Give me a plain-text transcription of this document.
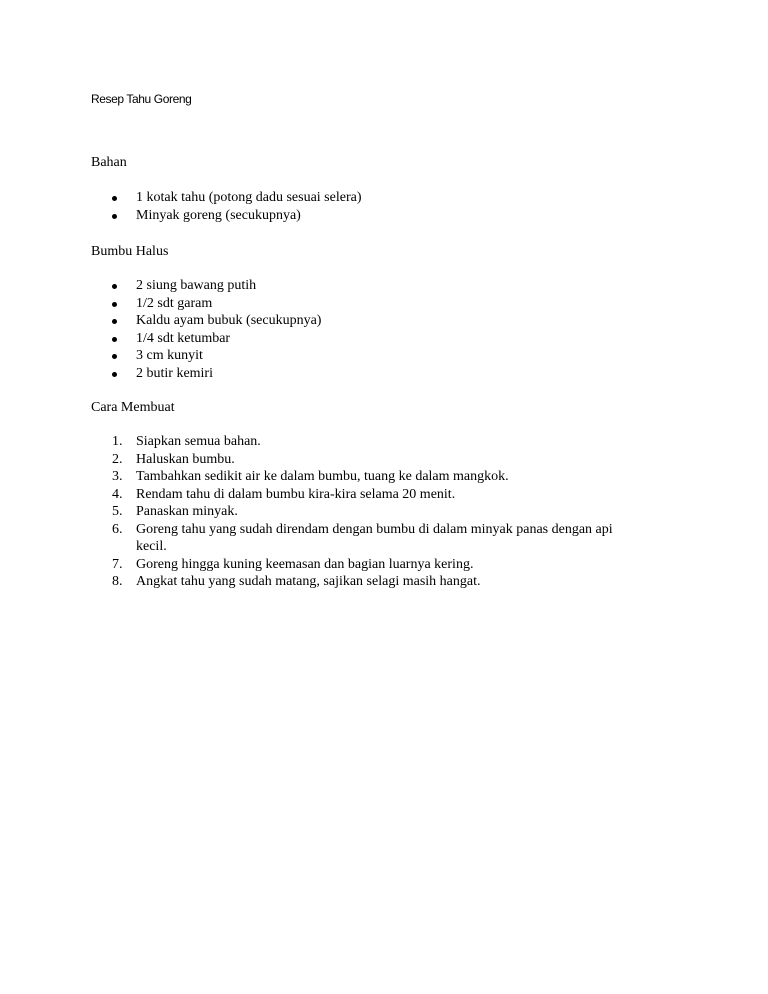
Resep Tahu Goreng
Bahan
1 kotak tahu (potong dadu sesuai selera)
Minyak goreng (secukupnya)
Bumbu Halus
2 siung bawang putih
1/2 sdt garam
Kaldu ayam bubuk (secukupnya)
1/4 sdt ketumbar
3 cm kunyit
2 butir kemiri
Cara Membuat
1. Siapkan semua bahan.
2. Haluskan bumbu.
3. Tambahkan sedikit air ke dalam bumbu, tuang ke dalam mangkok.
4. Rendam tahu di dalam bumbu kira-kira selama 20 menit.
5. Panaskan minyak.
6. Goreng tahu yang sudah direndam dengan bumbu di dalam minyak panas dengan api kecil.
7. Goreng hingga kuning keemasan dan bagian luarnya kering.
8. Angkat tahu yang sudah matang, sajikan selagi masih hangat.
